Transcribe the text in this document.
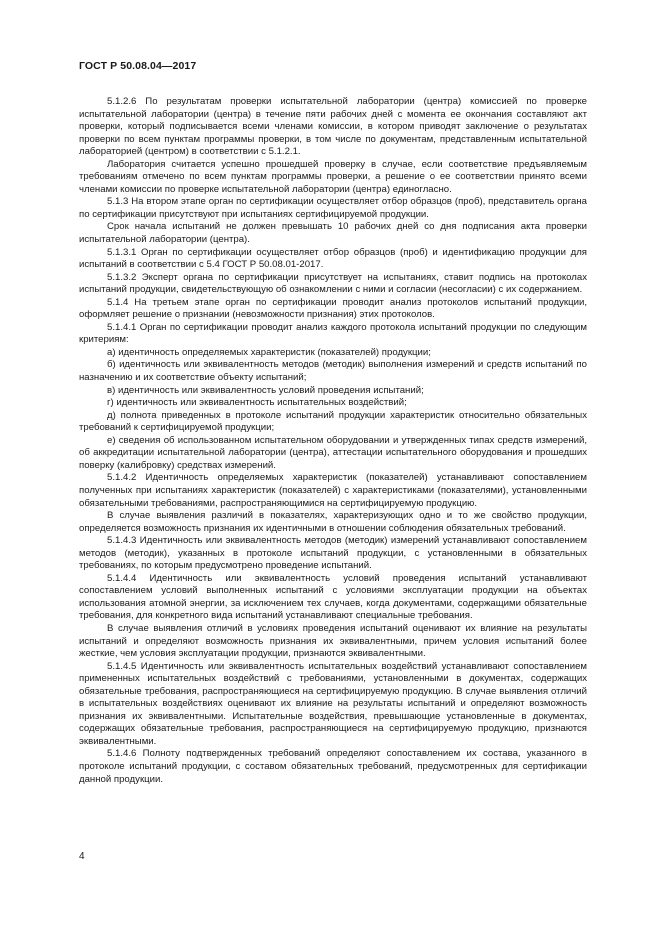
ГОСТ Р 50.08.04—2017

5.1.2.6 По результатам проверки испытательной лаборатории (центра) комиссией по проверке испытательной лаборатории (центра) в течение пяти рабочих дней с момента ее окончания составляют акт проверки, который подписывается всеми членами комиссии, в котором приводят заключение о результатах проверки по всем пунктам программы проверки, в том числе по документам, представленным испытательной лабораторией (центром) в соответствии с 5.1.2.1.

Лаборатория считается успешно прошедшей проверку в случае, если соответствие предъявляемым требованиям отмечено по всем пунктам программы проверки, а решение о ее соответствии принято всеми членами комиссии по проверке испытательной лаборатории (центра) единогласно.

5.1.3 На втором этапе орган по сертификации осуществляет отбор образцов (проб), представитель органа по сертификации присутствуют при испытаниях сертифицируемой продукции.

Срок начала испытаний не должен превышать 10 рабочих дней со дня подписания акта проверки испытательной лаборатории (центра).

5.1.3.1 Орган по сертификации осуществляет отбор образцов (проб) и идентификацию продукции для испытаний в соответствии с 5.4 ГОСТ Р 50.08.01-2017.

5.1.3.2 Эксперт органа по сертификации присутствует на испытаниях, ставит подпись на протоколах испытаний продукции, свидетельствующую об ознакомлении с ними и согласии (несогласии) с их содержанием.

5.1.4 На третьем этапе орган по сертификации проводит анализ протоколов испытаний продукции, оформляет решение о признании (невозможности признания) этих протоколов.

5.1.4.1 Орган по сертификации проводит анализ каждого протокола испытаний продукции по следующим критериям:

а) идентичность определяемых характеристик (показателей) продукции;

б) идентичность или эквивалентность методов (методик) выполнения измерений и средств испытаний по назначению и их соответствие объекту испытаний;

в) идентичность или эквивалентность условий проведения испытаний;

г) идентичность или эквивалентность испытательных воздействий;

д) полнота приведенных в протоколе испытаний продукции характеристик относительно обязательных требований к сертифицируемой продукции;

е) сведения об использованном испытательном оборудовании и утвержденных типах средств измерений, об аккредитации испытательной лаборатории (центра), аттестации испытательного оборудования и прошедших поверку (калибровку) средствах измерений.

5.1.4.2 Идентичность определяемых характеристик (показателей) устанавливают сопоставлением полученных при испытаниях характеристик (показателей) с характеристиками (показателями), установленными обязательными требованиями, распространяющимися на сертифицируемую продукцию.

В случае выявления различий в показателях, характеризующих одно и то же свойство продукции, определяется возможность признания их идентичными в отношении соблюдения обязательных требований.

5.1.4.3 Идентичность или эквивалентность методов (методик) измерений устанавливают сопоставлением методов (методик), указанных в протоколе испытаний продукции, с установленными в обязательных требованиях, по которым предусмотрено проведение испытаний.

5.1.4.4 Идентичность или эквивалентность условий проведения испытаний устанавливают сопоставлением условий выполненных испытаний с условиями эксплуатации продукции на объектах использования атомной энергии, за исключением тех случаев, когда документами, содержащими обязательные требования, для конкретного вида испытаний устанавливают специальные требования.

В случае выявления отличий в условиях проведения испытаний оценивают их влияние на результаты испытаний и определяют возможность признания их эквивалентными, причем условия испытаний более жесткие, чем условия эксплуатации продукции, признаются эквивалентными.

5.1.4.5 Идентичность или эквивалентность испытательных воздействий устанавливают сопоставлением примененных испытательных воздействий с требованиями, установленными в документах, содержащих обязательные требования, распространяющиеся на сертифицируемую продукцию. В случае выявления отличий в испытательных воздействиях оценивают их влияние на результаты испытаний и определяют возможность признания их эквивалентными. Испытательные воздействия, превышающие установленные в документах, содержащих обязательные требования, распространяющиеся на сертифицируемую продукцию, признаются эквивалентными.

5.1.4.6 Полноту подтвержденных требований определяют сопоставлением их состава, указанного в протоколе испытаний продукции, с составом обязательных требований, предусмотренных для сертификации данной продукции.

4
